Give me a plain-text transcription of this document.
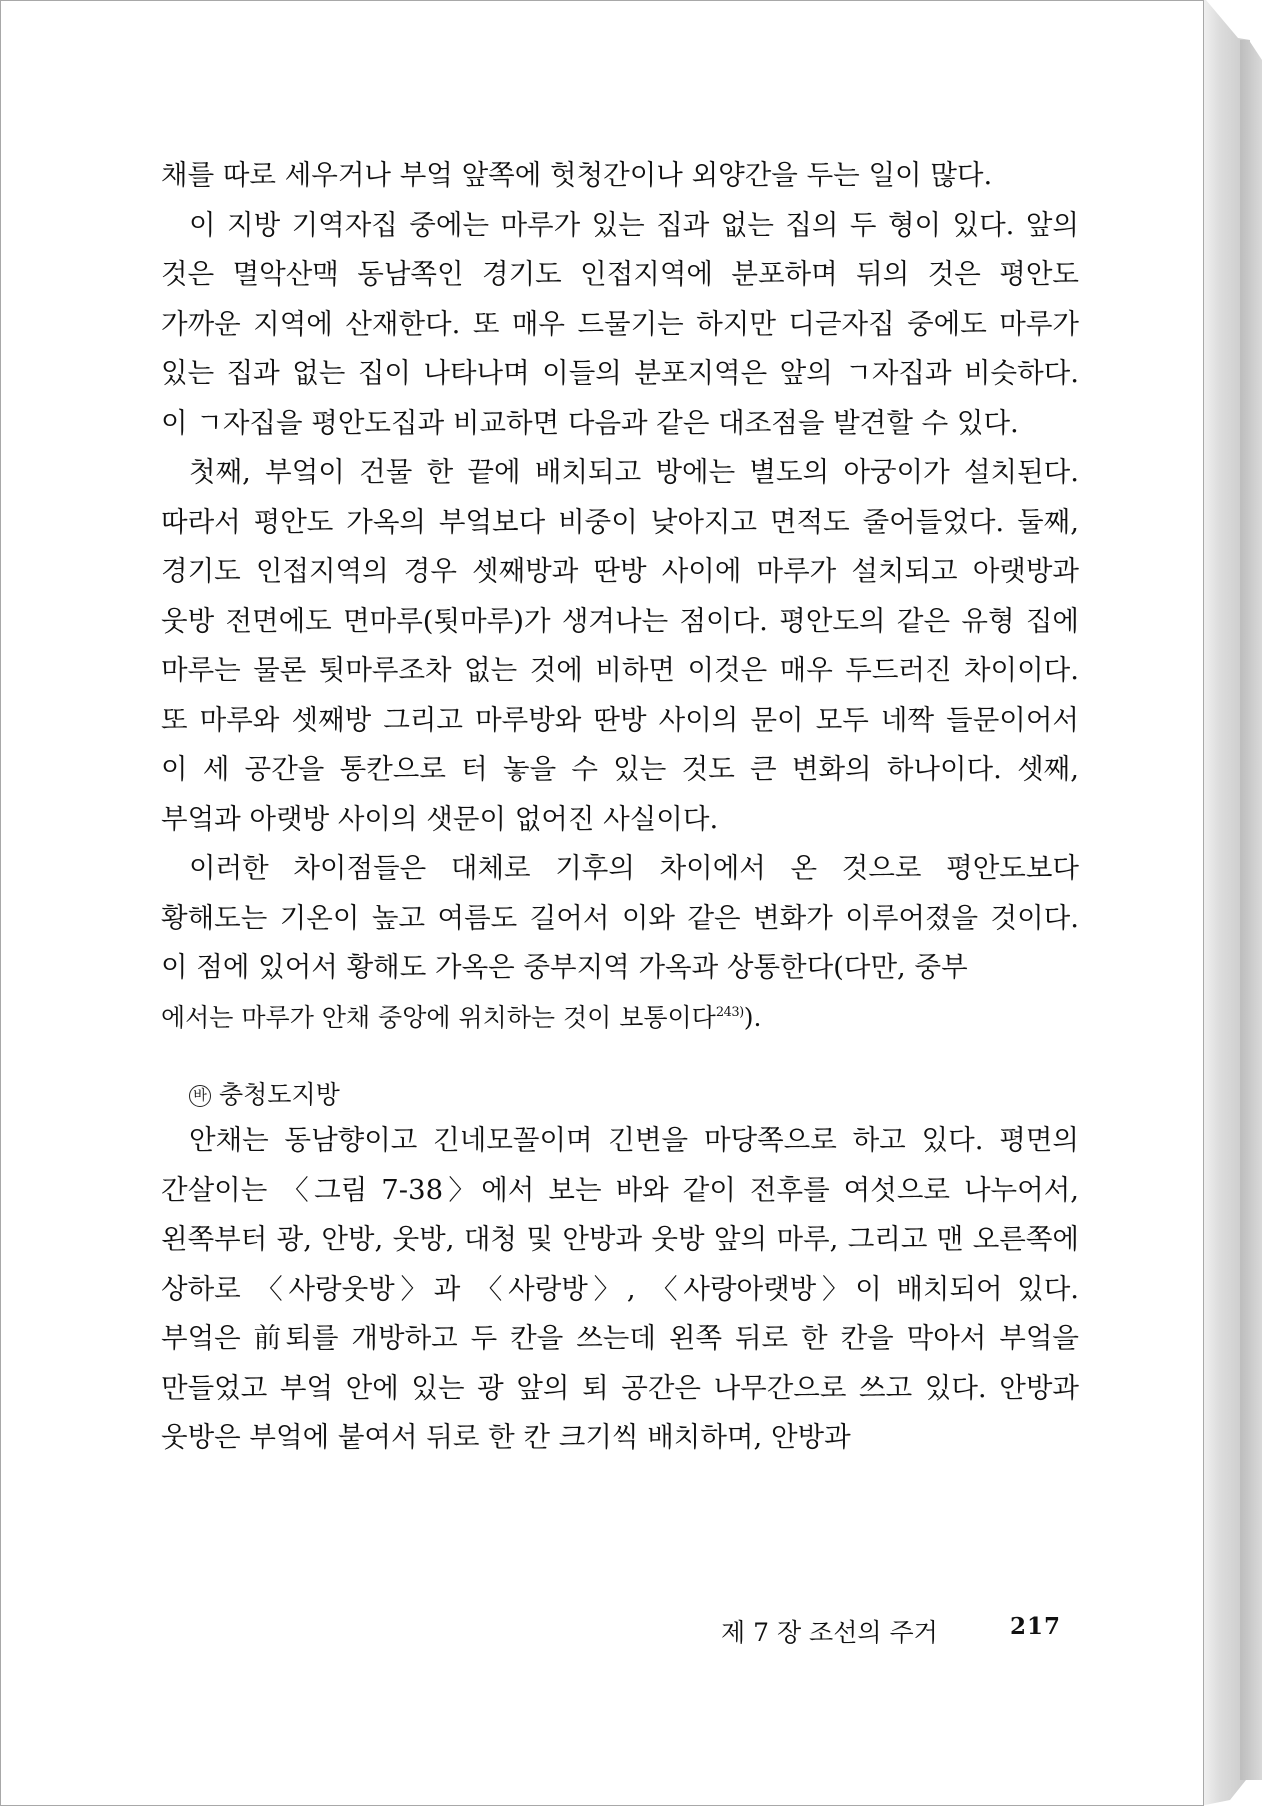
채를 따로 세우거나 부엌 앞쪽에 헛청간이나 외양간을 두는 일이 많다.

이 지방 기역자집 중에는 마루가 있는 집과 없는 집의 두 형이 있다. 앞의 것은 멸악산맥 동남쪽인 경기도 인접지역에 분포하며 뒤의 것은 평안도 가까운 지역에 산재한다. 또 매우 드물기는 하지만 디귿자집 중에도 마루가 있는 집과 없는 집이 나타나며 이들의 분포지역은 앞의 ㄱ자집과 비슷하다. 이 ㄱ자집을 평안도집과 비교하면 다음과 같은 대조점을 발견할 수 있다.

첫째, 부엌이 건물 한 끝에 배치되고 방에는 별도의 아궁이가 설치된다. 따라서 평안도 가옥의 부엌보다 비중이 낮아지고 면적도 줄어들었다. 둘째, 경기도 인접지역의 경우 셋째방과 딴방 사이에 마루가 설치되고 아랫방과 웃방 전면에도 면마루(툇마루)가 생겨나는 점이다. 평안도의 같은 유형 집에 마루는 물론 툇마루조차 없는 것에 비하면 이것은 매우 두드러진 차이이다. 또 마루와 셋째방 그리고 마루방와 딴방 사이의 문이 모두 네짝 들문이어서 이 세 공간을 통칸으로 터 놓을 수 있는 것도 큰 변화의 하나이다. 셋째, 부엌과 아랫방 사이의 샛문이 없어진 사실이다.

이러한 차이점들은 대체로 기후의 차이에서 온 것으로 평안도보다 황해도는 기온이 높고 여름도 길어서 이와 같은 변화가 이루어졌을 것이다. 이 점에 있어서 황해도 가옥은 중부지역 가옥과 상통한다(다만, 중부

에서는 마루가 안채 중앙에 위치하는 것이 보통이다$^{243)}$).

바 충청도지방

안채는 동남향이고 긴네모꼴이며 긴변을 마당쪽으로 하고 있다. 평면의 간살이는 〈그림 7-38〉에서 보는 바와 같이 전후를 여섯으로 나누어서, 왼쪽부터 광, 안방, 웃방, 대청 및 안방과 웃방 앞의 마루, 그리고 맨 오른쪽에 상하로 〈사랑웃방〉과 〈사랑방〉, 〈사랑아랫방〉이 배치되어 있다. 부엌은 前퇴를 개방하고 두 칸을 쓰는데 왼쪽 뒤로 한 칸을 막아서 부엌을 만들었고 부엌 안에 있는 광 앞의 퇴 공간은 나무간으로 쓰고 있다. 안방과 웃방은 부엌에 붙여서 뒤로 한 칸 크기씩 배치하며, 안방과

제 7 장 조선의 주거	217
